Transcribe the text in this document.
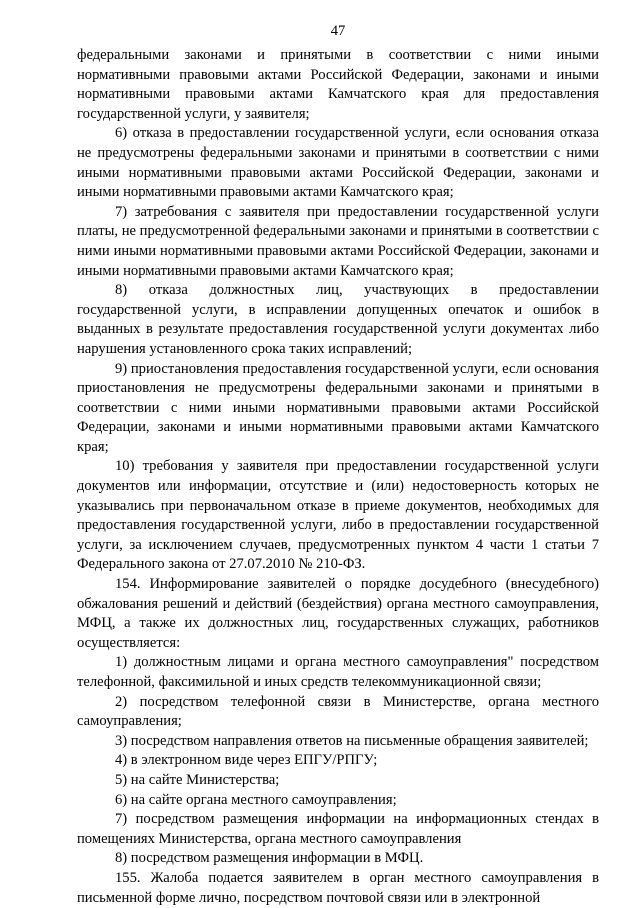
47

федеральными законами и принятыми в соответствии с ними иными нормативными правовыми актами Российской Федерации, законами и иными нормативными правовыми актами Камчатского края для предоставления государственной услуги, у заявителя;

6) отказа в предоставлении государственной услуги, если основания отказа не предусмотрены федеральными законами и принятыми в соответствии с ними иными нормативными правовыми актами Российской Федерации, законами и иными нормативными правовыми актами Камчатского края;

7) затребования с заявителя при предоставлении государственной услуги платы, не предусмотренной федеральными законами и принятыми в соответствии с ними иными нормативными правовыми актами Российской Федерации, законами и иными нормативными правовыми актами Камчатского края;

8) отказа должностных лиц, участвующих в предоставлении государственной услуги, в исправлении допущенных опечаток и ошибок в выданных в результате предоставления государственной услуги документах либо нарушения установленного срока таких исправлений;

9) приостановления предоставления государственной услуги, если основания приостановления не предусмотрены федеральными законами и принятыми в соответствии с ними иными нормативными правовыми актами Российской Федерации, законами и иными нормативными правовыми актами Камчатского края;

10) требования у заявителя при предоставлении государственной услуги документов или информации, отсутствие и (или) недостоверность которых не указывались при первоначальном отказе в приеме документов, необходимых для предоставления государственной услуги, либо в предоставлении государственной услуги, за исключением случаев, предусмотренных пунктом 4 части 1 статьи 7 Федерального закона от 27.07.2010 № 210-ФЗ.

154. Информирование заявителей о порядке досудебного (внесудебного) обжалования решений и действий (бездействия) органа местного самоуправления, МФЦ, а также их должностных лиц, государственных служащих, работников осуществляется:

1) должностным лицами и органа местного самоуправления" посредством телефонной, факсимильной и иных средств телекоммуникационной связи;

2) посредством телефонной связи в Министерстве, органа местного самоуправления;

3) посредством направления ответов на письменные обращения заявителей;

4) в электронном виде через ЕПГУ/РПГУ;

5) на сайте Министерства;

6) на сайте органа местного самоуправления;

7) посредством размещения информации на информационных стендах в помещениях Министерства, органа местного самоуправления

8) посредством размещения информации в МФЦ.

155. Жалоба подается заявителем в орган местного самоуправления в письменной форме лично, посредством почтовой связи или в электронной
